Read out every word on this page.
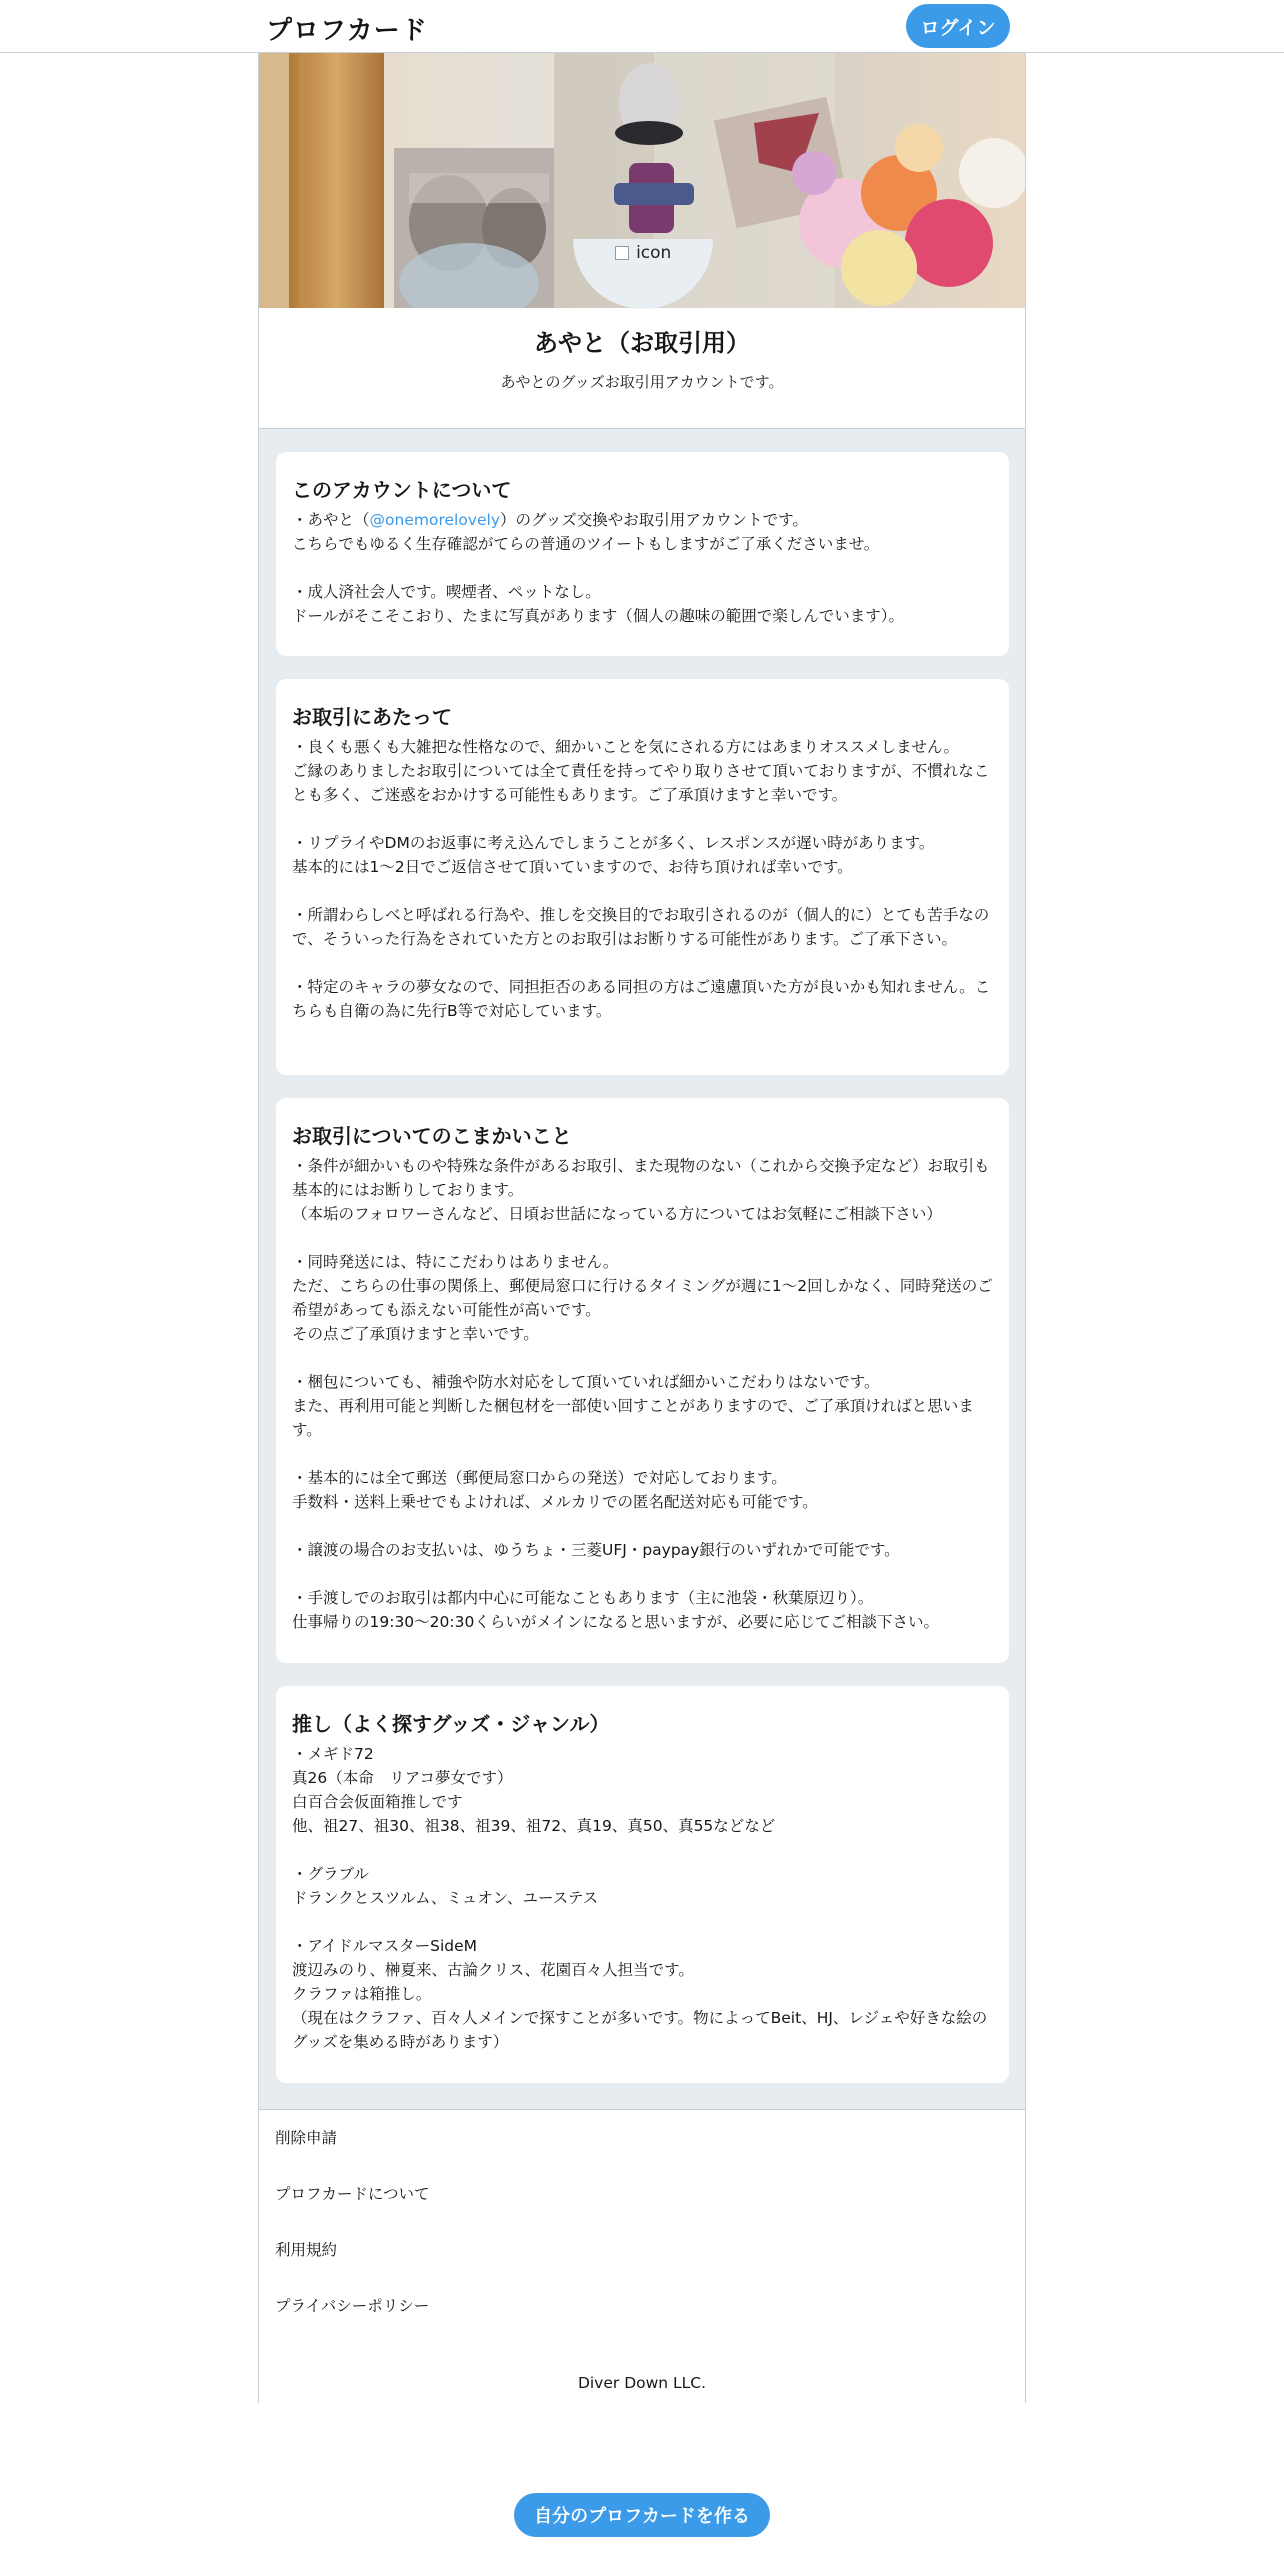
プロフカード	ログイン
icon
あやと（お取引用）
あやとのグッズお取引用アカウントです。
このアカウントについて
・あやと（@onemorelovely）のグッズ交換やお取引用アカウントです。
こちらでもゆるく生存確認がてらの普通のツイートもしますがご了承くださいませ。

・成人済社会人です。喫煙者、ペットなし。
ドールがそこそこおり、たまに写真があります（個人の趣味の範囲で楽しんでいます）。
お取引にあたって
・良くも悪くも大雑把な性格なので、細かいことを気にされる方にはあまりオススメしません。
ご縁のありましたお取引については全て責任を持ってやり取りさせて頂いておりますが、不慣れなことも多く、ご迷惑をおかけする可能性もあります。ご了承頂けますと幸いです。

・リプライやDMのお返事に考え込んでしまうことが多く、レスポンスが遅い時があります。
基本的には1〜2日でご返信させて頂いていますので、お待ち頂ければ幸いです。

・所謂わらしべと呼ばれる行為や、推しを交換目的でお取引されるのが（個人的に）とても苦手なので、そういった行為をされていた方とのお取引はお断りする可能性があります。ご了承下さい。

・特定のキャラの夢女なので、同担拒否のある同担の方はご遠慮頂いた方が良いかも知れません。こちらも自衛の為に先行B等で対応しています。
お取引についてのこまかいこと
・条件が細かいものや特殊な条件があるお取引、また現物のない（これから交換予定など）お取引も基本的にはお断りしております。
（本垢のフォロワーさんなど、日頃お世話になっている方についてはお気軽にご相談下さい）

・同時発送には、特にこだわりはありません。
ただ、こちらの仕事の関係上、郵便局窓口に行けるタイミングが週に1〜2回しかなく、同時発送のご希望があっても添えない可能性が高いです。
その点ご了承頂けますと幸いです。

・梱包についても、補強や防水対応をして頂いていれば細かいこだわりはないです。
また、再利用可能と判断した梱包材を一部使い回すことがありますので、ご了承頂ければと思います。

・基本的には全て郵送（郵便局窓口からの発送）で対応しております。
手数料・送料上乗せでもよければ、メルカリでの匿名配送対応も可能です。

・譲渡の場合のお支払いは、ゆうちょ・三菱UFJ・paypay銀行のいずれかで可能です。

・手渡しでのお取引は都内中心に可能なこともあります（主に池袋・秋葉原辺り）。
仕事帰りの19:30〜20:30くらいがメインになると思いますが、必要に応じてご相談下さい。
推し（よく探すグッズ・ジャンル）
・メギド72
真26（本命　リアコ夢女です）
白百合会仮面箱推しです
他、祖27、祖30、祖38、祖39、祖72、真19、真50、真55などなど

・グラブル
ドランクとスツルム、ミュオン、ユーステス

・アイドルマスターSideM
渡辺みのり、榊夏来、古論クリス、花園百々人担当です。
クラファは箱推し。
（現在はクラファ、百々人メインで探すことが多いです。物によってBeit、HJ、レジェや好きな絵のグッズを集める時があります）
削除申請
プロフカードについて
利用規約
プライバシーポリシー
Diver Down LLC.
自分のプロフカードを作る
